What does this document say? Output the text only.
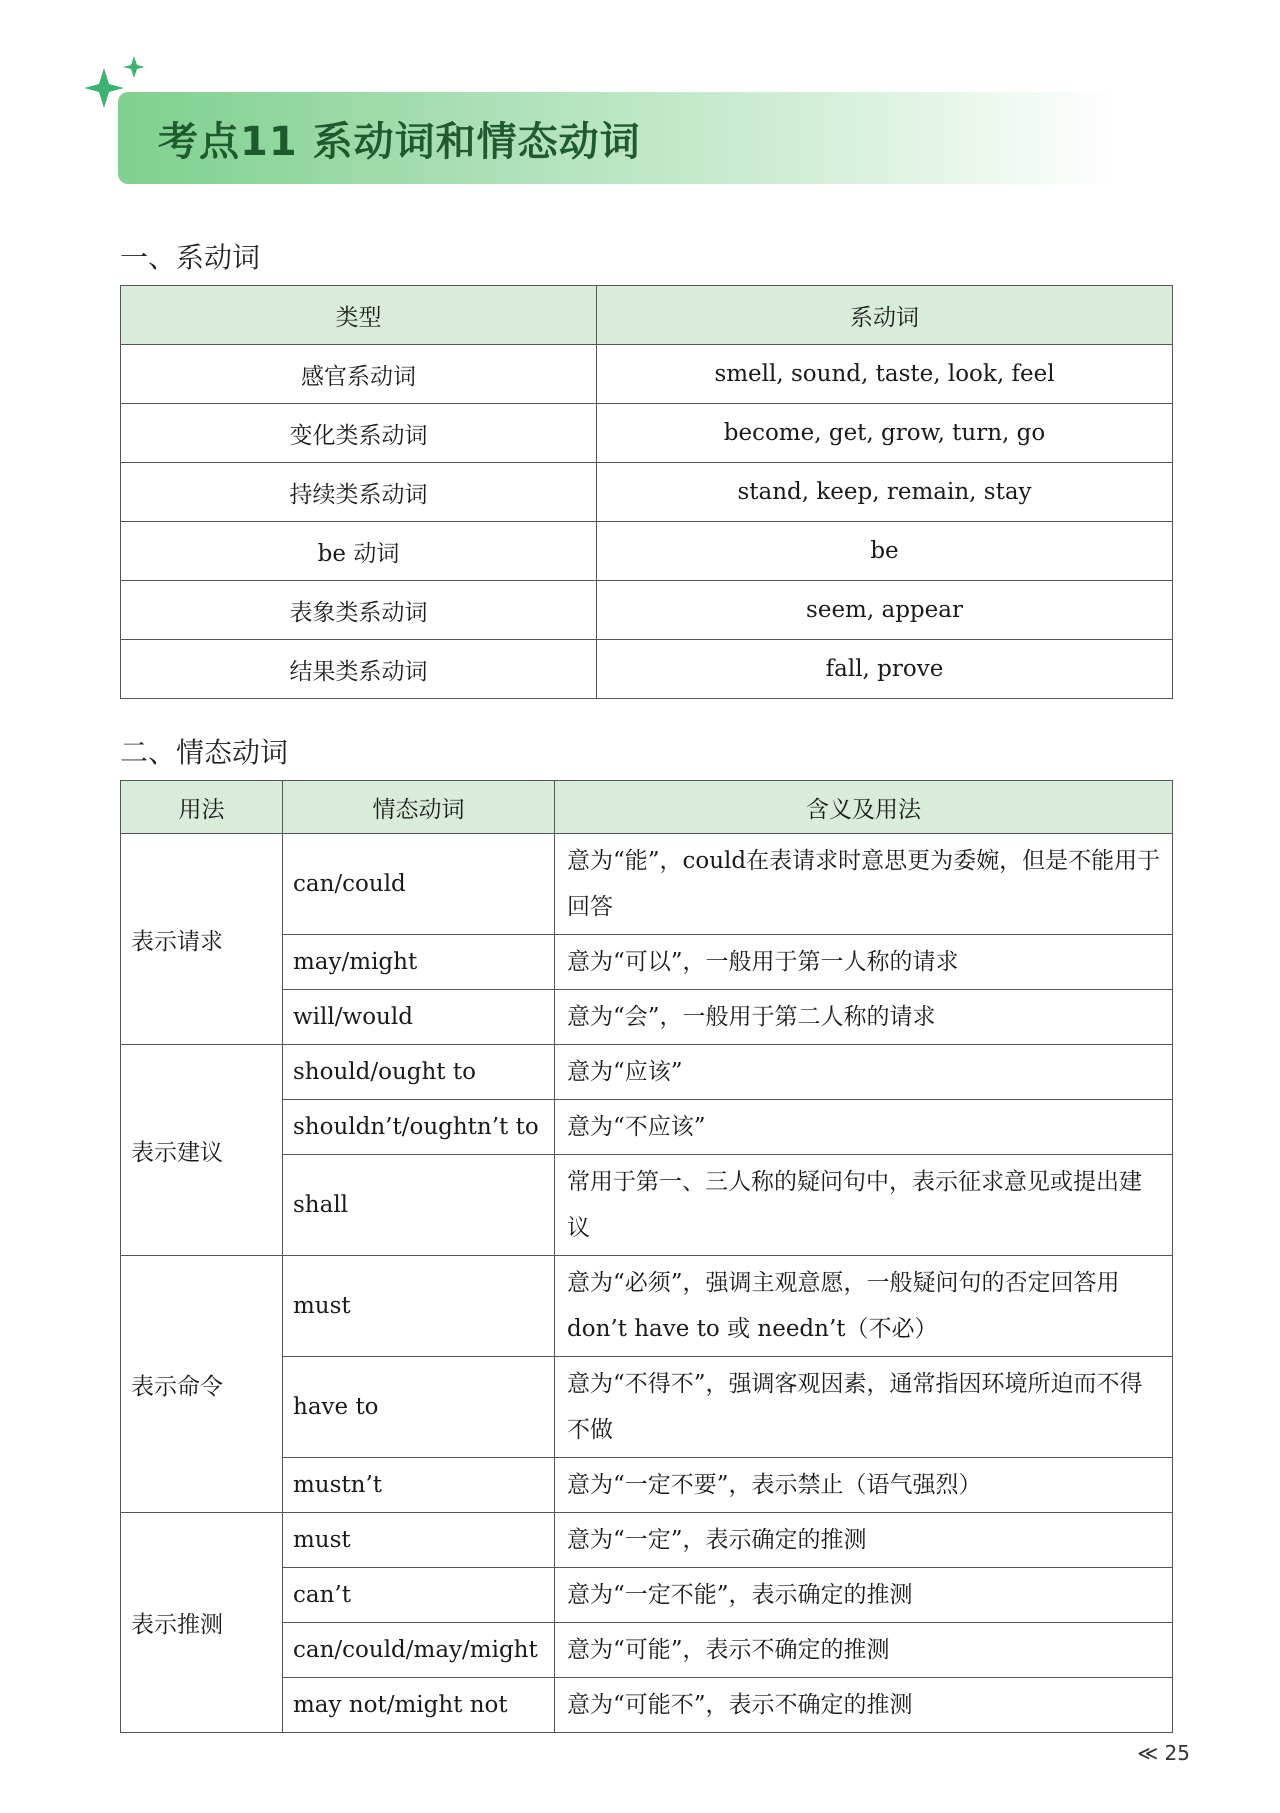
考点11 系动词和情态动词
一、系动词
类型	系动词
感官系动词	smell, sound, taste, look, feel
变化类系动词	become, get, grow, turn, go
持续类系动词	stand, keep, remain, stay
be 动词	be
表象类系动词	seem, appear
结果类系动词	fall, prove
二、情态动词
用法	情态动词	含义及用法
表示请求	can/could	意为“能”，could在表请求时意思更为委婉，但是不能用于回答
	may/might	意为“可以”，一般用于第一人称的请求
	will/would	意为“会”，一般用于第二人称的请求
表示建议	should/ought to	意为“应该”
	shouldn’t/oughtn’t to	意为“不应该”
	shall	常用于第一、三人称的疑问句中，表示征求意见或提出建议
表示命令	must	意为“必须”，强调主观意愿，一般疑问句的否定回答用 don’t have to 或 needn’t（不必）
	have to	意为“不得不”，强调客观因素，通常指因环境所迫而不得不做
	mustn’t	意为“一定不要”，表示禁止（语气强烈）
表示推测	must	意为“一定”，表示确定的推测
	can’t	意为“一定不能”，表示确定的推测
	can/could/may/might	意为“可能”，表示不确定的推测
	may not/might not	意为“可能不”，表示不确定的推测
≪ 25
